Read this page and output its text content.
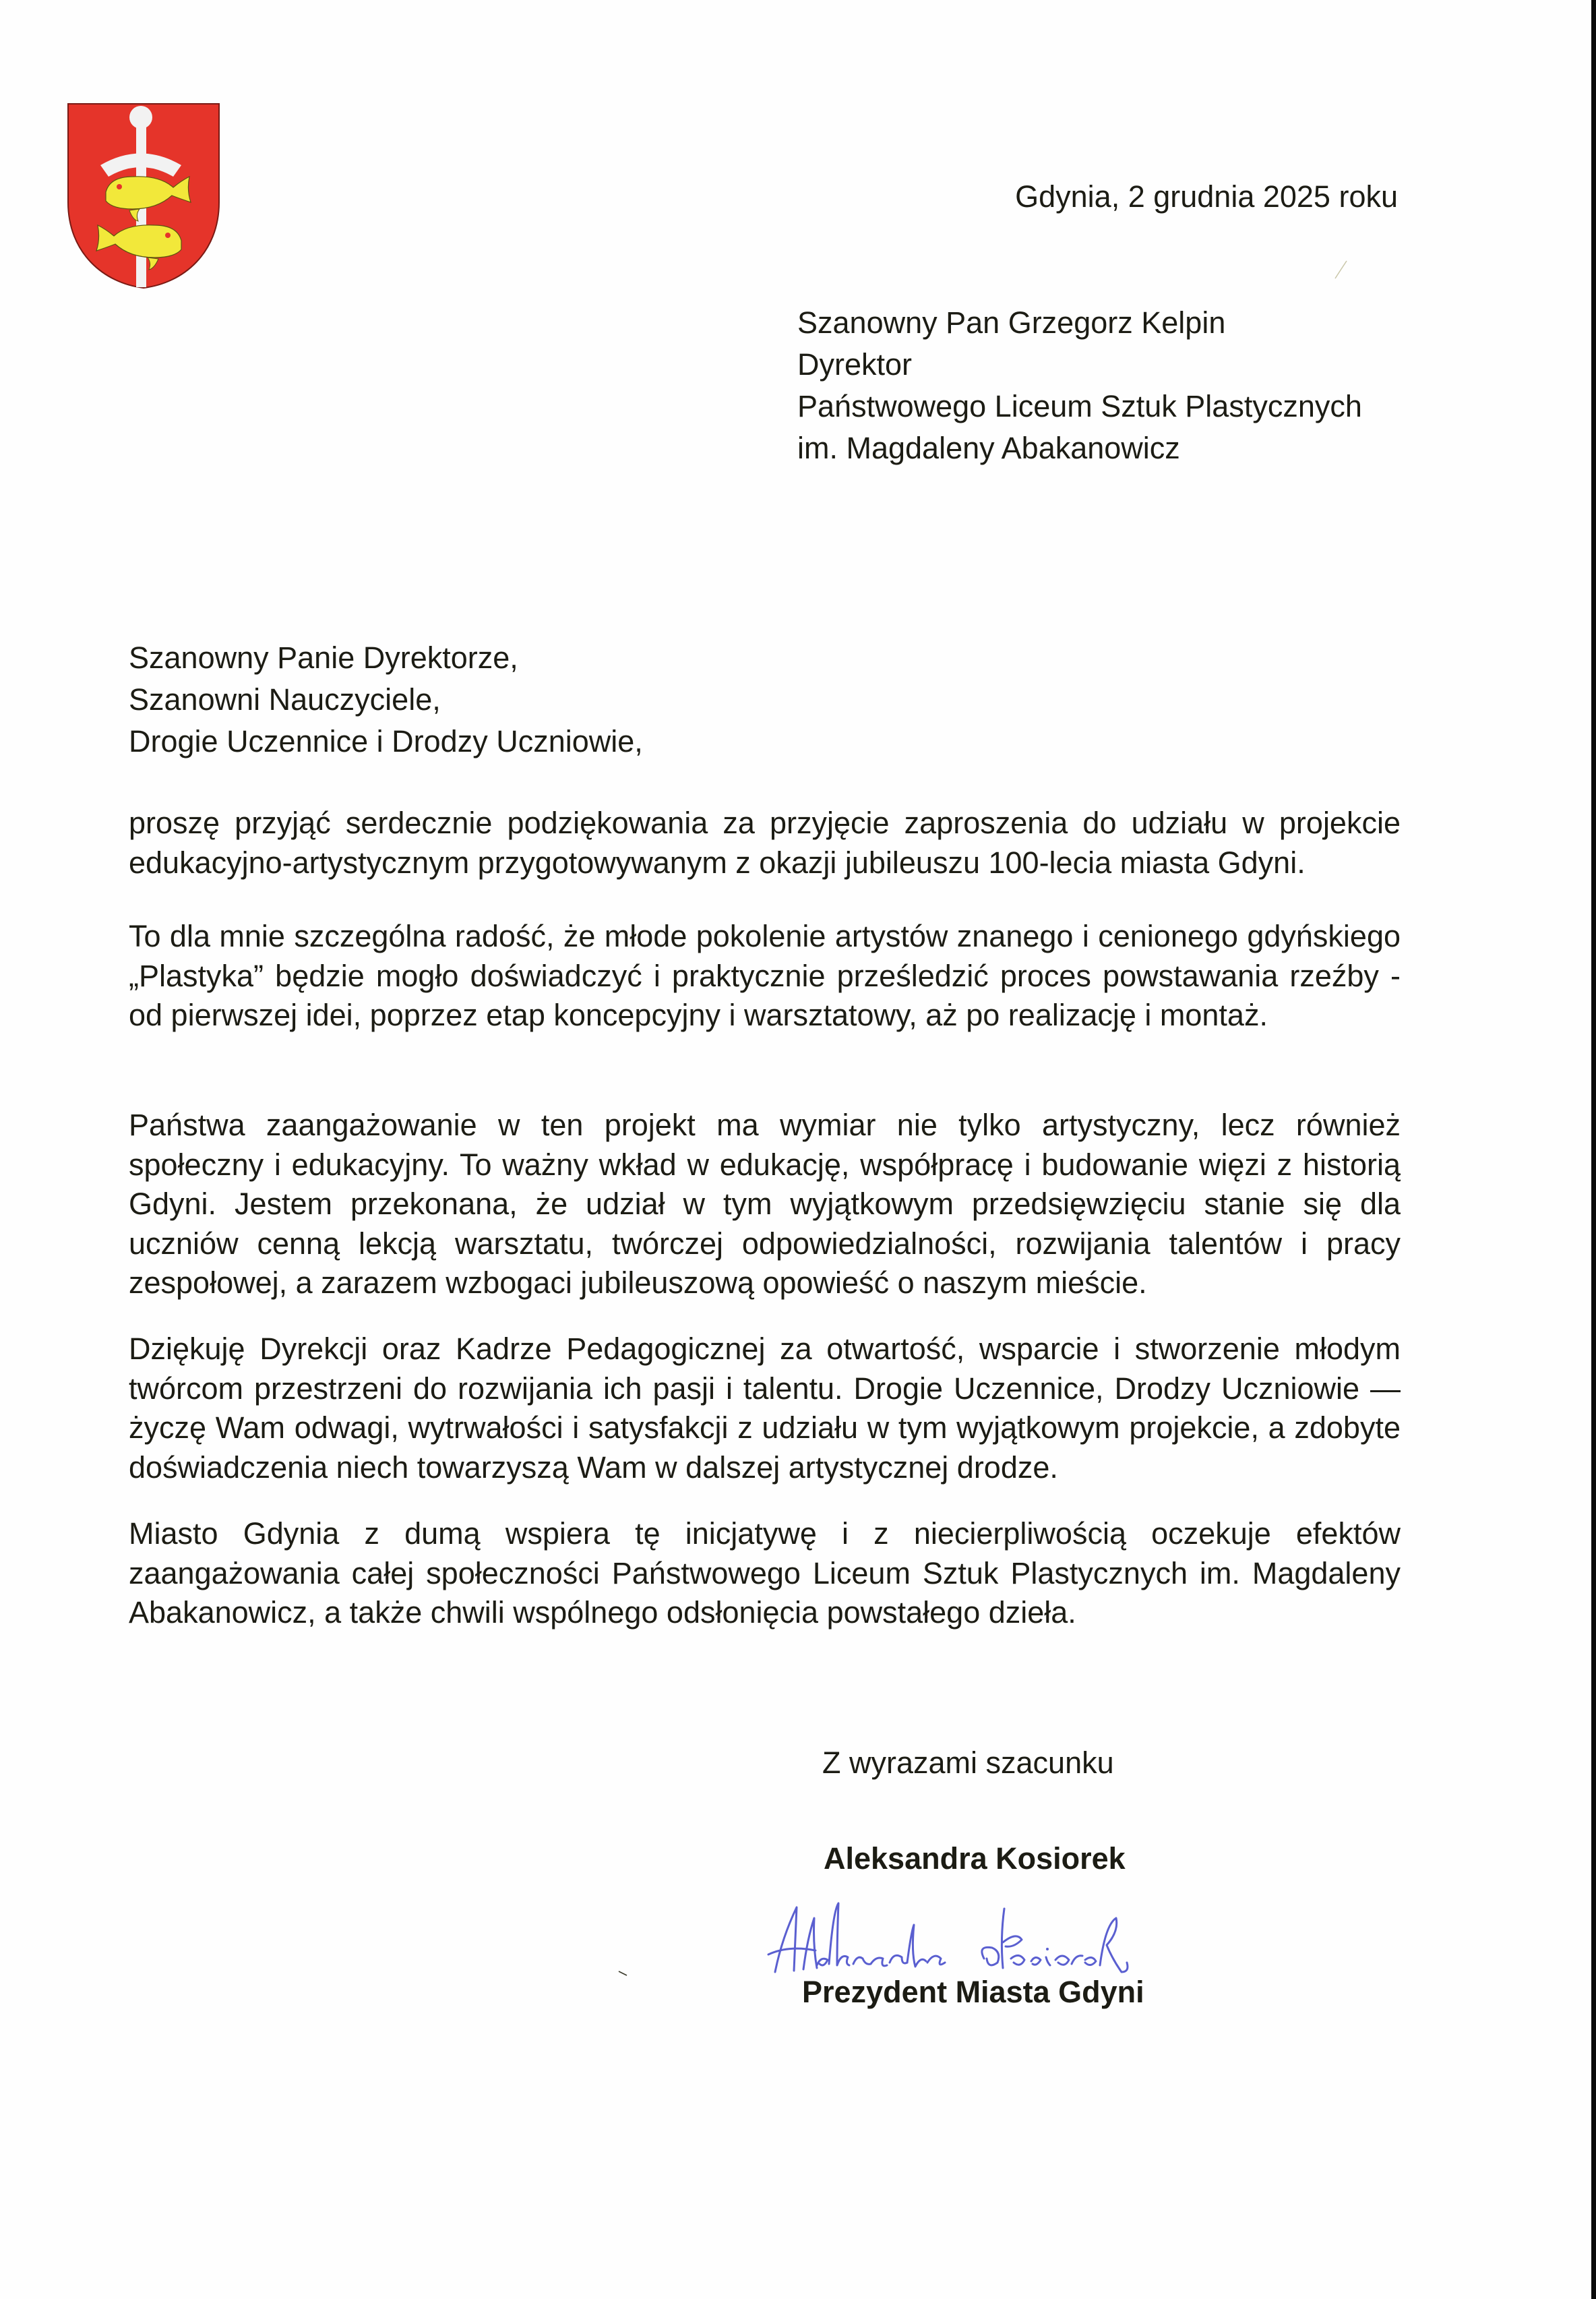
Gdynia, 2 grudnia 2025 roku
Szanowny Pan Grzegorz Kelpin
Dyrektor
Państwowego Liceum Sztuk Plastycznych
im. Magdaleny Abakanowicz
Szanowny Panie Dyrektorze,
Szanowni Nauczyciele,
Drogie Uczennice i Drodzy Uczniowie,

proszę przyjąć serdecznie podziękowania za przyjęcie zaproszenia do udziału w projekcie edukacyjno-artystycznym przygotowywanym z okazji jubileuszu 100-lecia miasta Gdyni.

To dla mnie szczególna radość, że młode pokolenie artystów znanego i cenionego gdyńskiego „Plastyka” będzie mogło doświadczyć i praktycznie prześledzić proces powstawania rzeźby - od pierwszej idei, poprzez etap koncepcyjny i warsztatowy, aż po realizację i montaż.

Państwa zaangażowanie w ten projekt ma wymiar nie tylko artystyczny, lecz również społeczny i edukacyjny. To ważny wkład w edukację, współpracę i budowanie więzi z historią Gdyni. Jestem przekonana, że udział w tym wyjątkowym przedsięwzięciu stanie się dla uczniów cenną lekcją warsztatu, twórczej odpowiedzialności, rozwijania talentów i pracy zespołowej, a zarazem wzbogaci jubileuszową opowieść o naszym mieście.

Dziękuję Dyrekcji oraz Kadrze Pedagogicznej za otwartość, wsparcie i stworzenie młodym twórcom przestrzeni do rozwijania ich pasji i talentu. Drogie Uczennice, Drodzy Uczniowie — życzę Wam odwagi, wytrwałości i satysfakcji z udziału w tym wyjątkowym projekcie, a zdobyte doświadczenia niech towarzyszą Wam w dalszej artystycznej drodze.

Miasto Gdynia z dumą wspiera tę inicjatywę i z niecierpliwością oczekuje efektów zaangażowania całej społeczności Państwowego Liceum Sztuk Plastycznych im. Magdaleny Abakanowicz, a także chwili wspólnego odsłonięcia powstałego dzieła.

Z wyrazami szacunku
Aleksandra Kosiorek
Prezydent Miasta Gdyni
